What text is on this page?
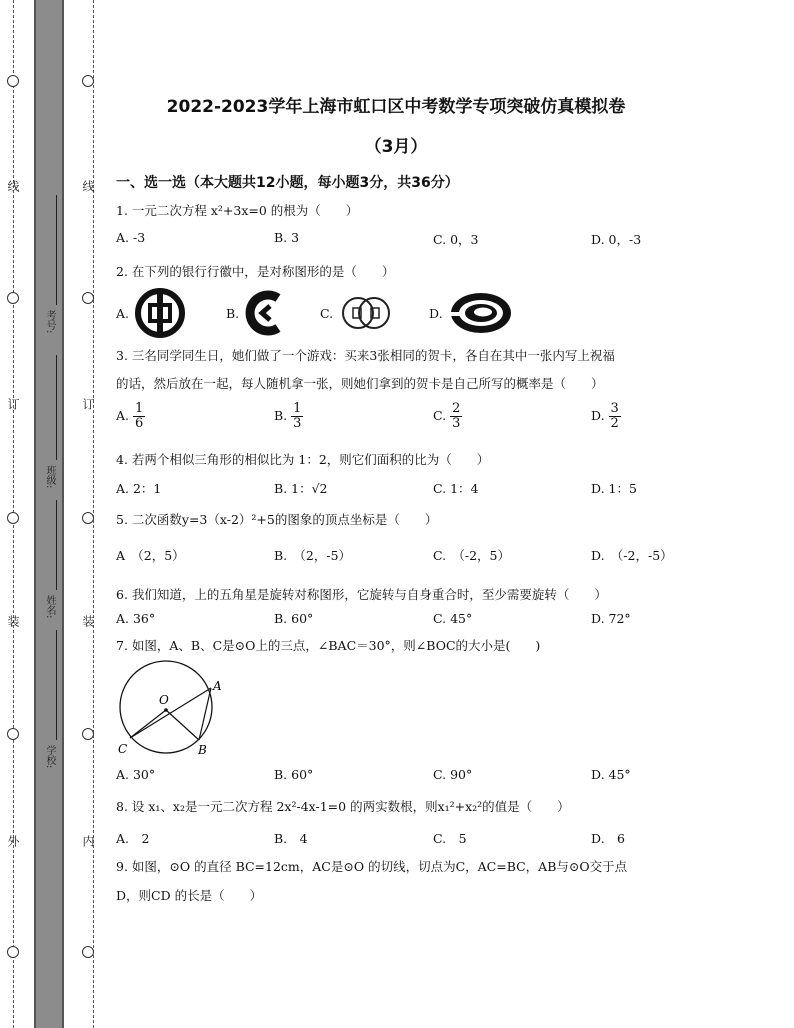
线
订
装
外
线
订
装
内
考号:
班级:
姓名:
学校:
2022-2023学年上海市虹口区中考数学专项突破仿真模拟卷
（3月）
一、选一选（本大题共12小题，每小题3分，共36分）
1. 一元二次方程 x²+3x=0 的根为（　　）
A. -3	B. 3	C. 0，3	D. 0，-3
2. 在下列的银行行徽中，是对称图形的是（　　）
A.	B.	C.	D.
3. 三名同学同生日，她们做了一个游戏：买来3张相同的贺卡，各自在其中一张内写上祝福
的话，然后放在一起，每人随机拿一张，则她们拿到的贺卡是自己所写的概率是（　　）
A. $\frac{1}{6}$	B. $\frac{1}{3}$	C. $\frac{2}{3}$	D. $\frac{3}{2}$
4. 若两个相似三角形的相似比为 1：2，则它们面积的比为（　　）
A. 2：1	B. 1：√2	C. 1：4	D. 1：5
5. 二次函数y=3（x-2）²+5的图象的顶点坐标是（　　）
A　（2，5）	B.　（2，-5）	C.　（-2，5）	D.　（-2，-5）
6. 我们知道，上的五角星是旋转对称图形，它旋转与自身重合时，至少需要旋转（　　）
A. 36°	B. 60°	C. 45°	D. 72°
7. 如图，A、B、C是⊙O上的三点，∠BAC＝30°，则∠BOC的大小是(　　)
O
A
B
C
A. 30°	B. 60°	C. 90°	D. 45°
8. 设 x₁、x₂是一元二次方程 2x²-4x-1=0 的两实数根，则x₁²+x₂²的值是（　　）
A.　2	B.　4	C.　5	D.　6
9. 如图，⊙O 的直径 BC=12cm，AC是⊙O 的切线，切点为C，AC=BC，AB与⊙O交于点
D，则CD 的长是（　　）
